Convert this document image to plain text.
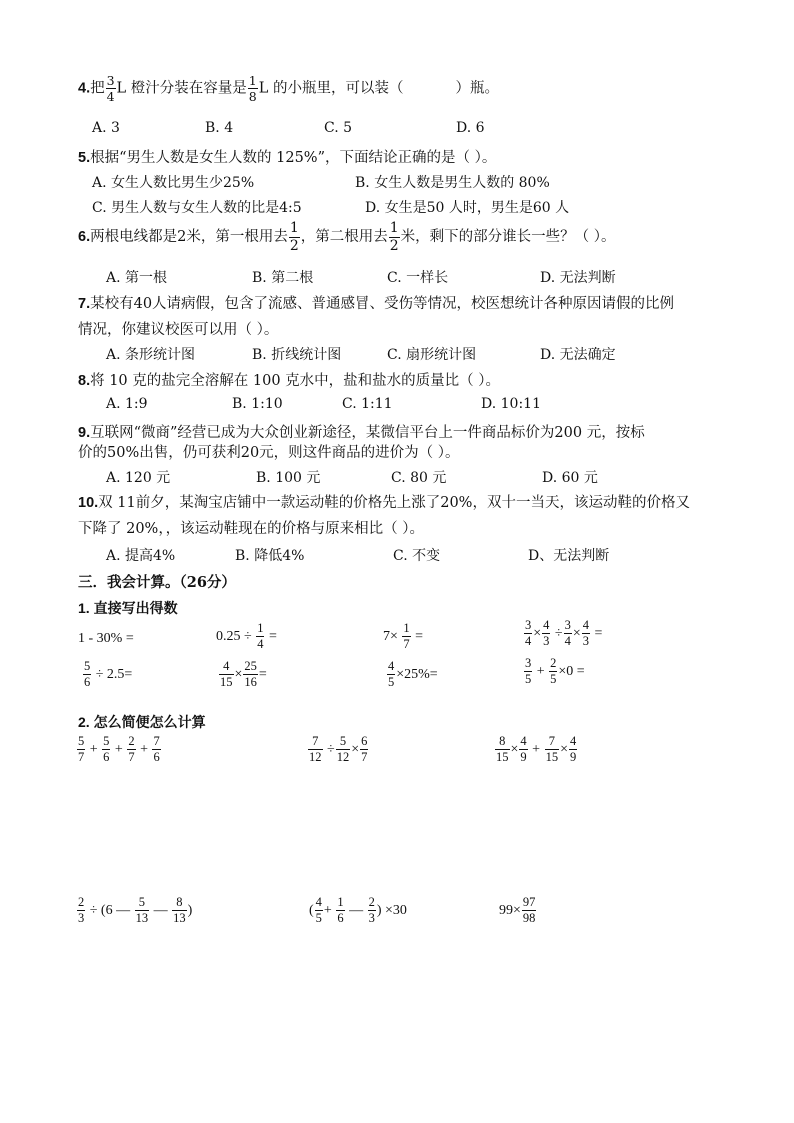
4.把 $\frac{3}{4}$ L 橙汁分装在容量是 $\frac{1}{8}$ L 的小瓶里，可以装（	）瓶。
A. 3	B. 4	C. 5	D. 6
5.根据“男生人数是女生人数的 125%”，下面结论正确的是（ ）。
A. 女生人数比男生少25%	B. 女生人数是男生人数的 80%
C. 男生人数与女生人数的比是4:5	D. 女生是50 人时，男生是60 人
6.两根电线都是2米，第一根用去 $\frac{1}{2}$ ，第二根用去 $\frac{1}{2}$ 米，剩下的部分谁长一些？（ ）。
A. 第一根	B. 第二根	C. 一样长	D. 无法判断
7.某校有40人请病假，包含了流感、普通感冒、受伤等情况，校医想统计各种原因请假的比例
情况，你建议校医可以用（ ）。
A. 条形统计图	B. 折线统计图	C. 扇形统计图	D. 无法确定
8.将 10 克的盐完全溶解在 100 克水中，盐和盐水的质量比（ ）。
A. 1:9	B. 1:10	C. 1:11	D. 10:11
9.互联网“微商”经营已成为大众创业新途径，某微信平台上一件商品标价为200 元，按标
价的50%出售，仍可获利20元，则这件商品的进价为（ ）。
A. 120 元	B. 100 元	C. 80 元	D. 60 元
10.双 11前夕，某淘宝店铺中一款运动鞋的价格先上涨了20%，双十一当天，该运动鞋的价格又
下降了 20%，，该运动鞋现在的价格与原来相比（ ）。
A. 提高4%	B. 降低4%	C. 不变	D、无法判断
三．我会计算。（26分）
1. 直接写出得数
1 - 30% =	$0.25 \div \frac{1}{4}$ =	$7\times \frac{1}{7}$ =	$\frac{3}{4} \times \frac{4}{3} \div \frac{3}{4} \times \frac{4}{3}$ =
$\frac{5}{6} \div 2.5=$	$\frac{4}{15} \times \frac{25}{16}$ =	$\frac{4}{5} \times 25\%=$	$\frac{3}{5} + \frac{2}{5} \times 0$ =
2. 怎么简便怎么计算
$\frac{5}{7} + \frac{5}{6} + \frac{2}{7} + \frac{7}{6}$	$\frac{7}{12} \div \frac{5}{12} \times \frac{6}{7}$	$\frac{8}{15} \times \frac{4}{9} + \frac{7}{15} \times \frac{4}{9}$
$\frac{2}{3} \div (6$ — $\frac{5}{13}$ — $\frac{8}{13}$ )	( $\frac{4}{5} + \frac{1}{6}$ — $\frac{2}{3}$ ) ×30	$99\times \frac{97}{98}$
